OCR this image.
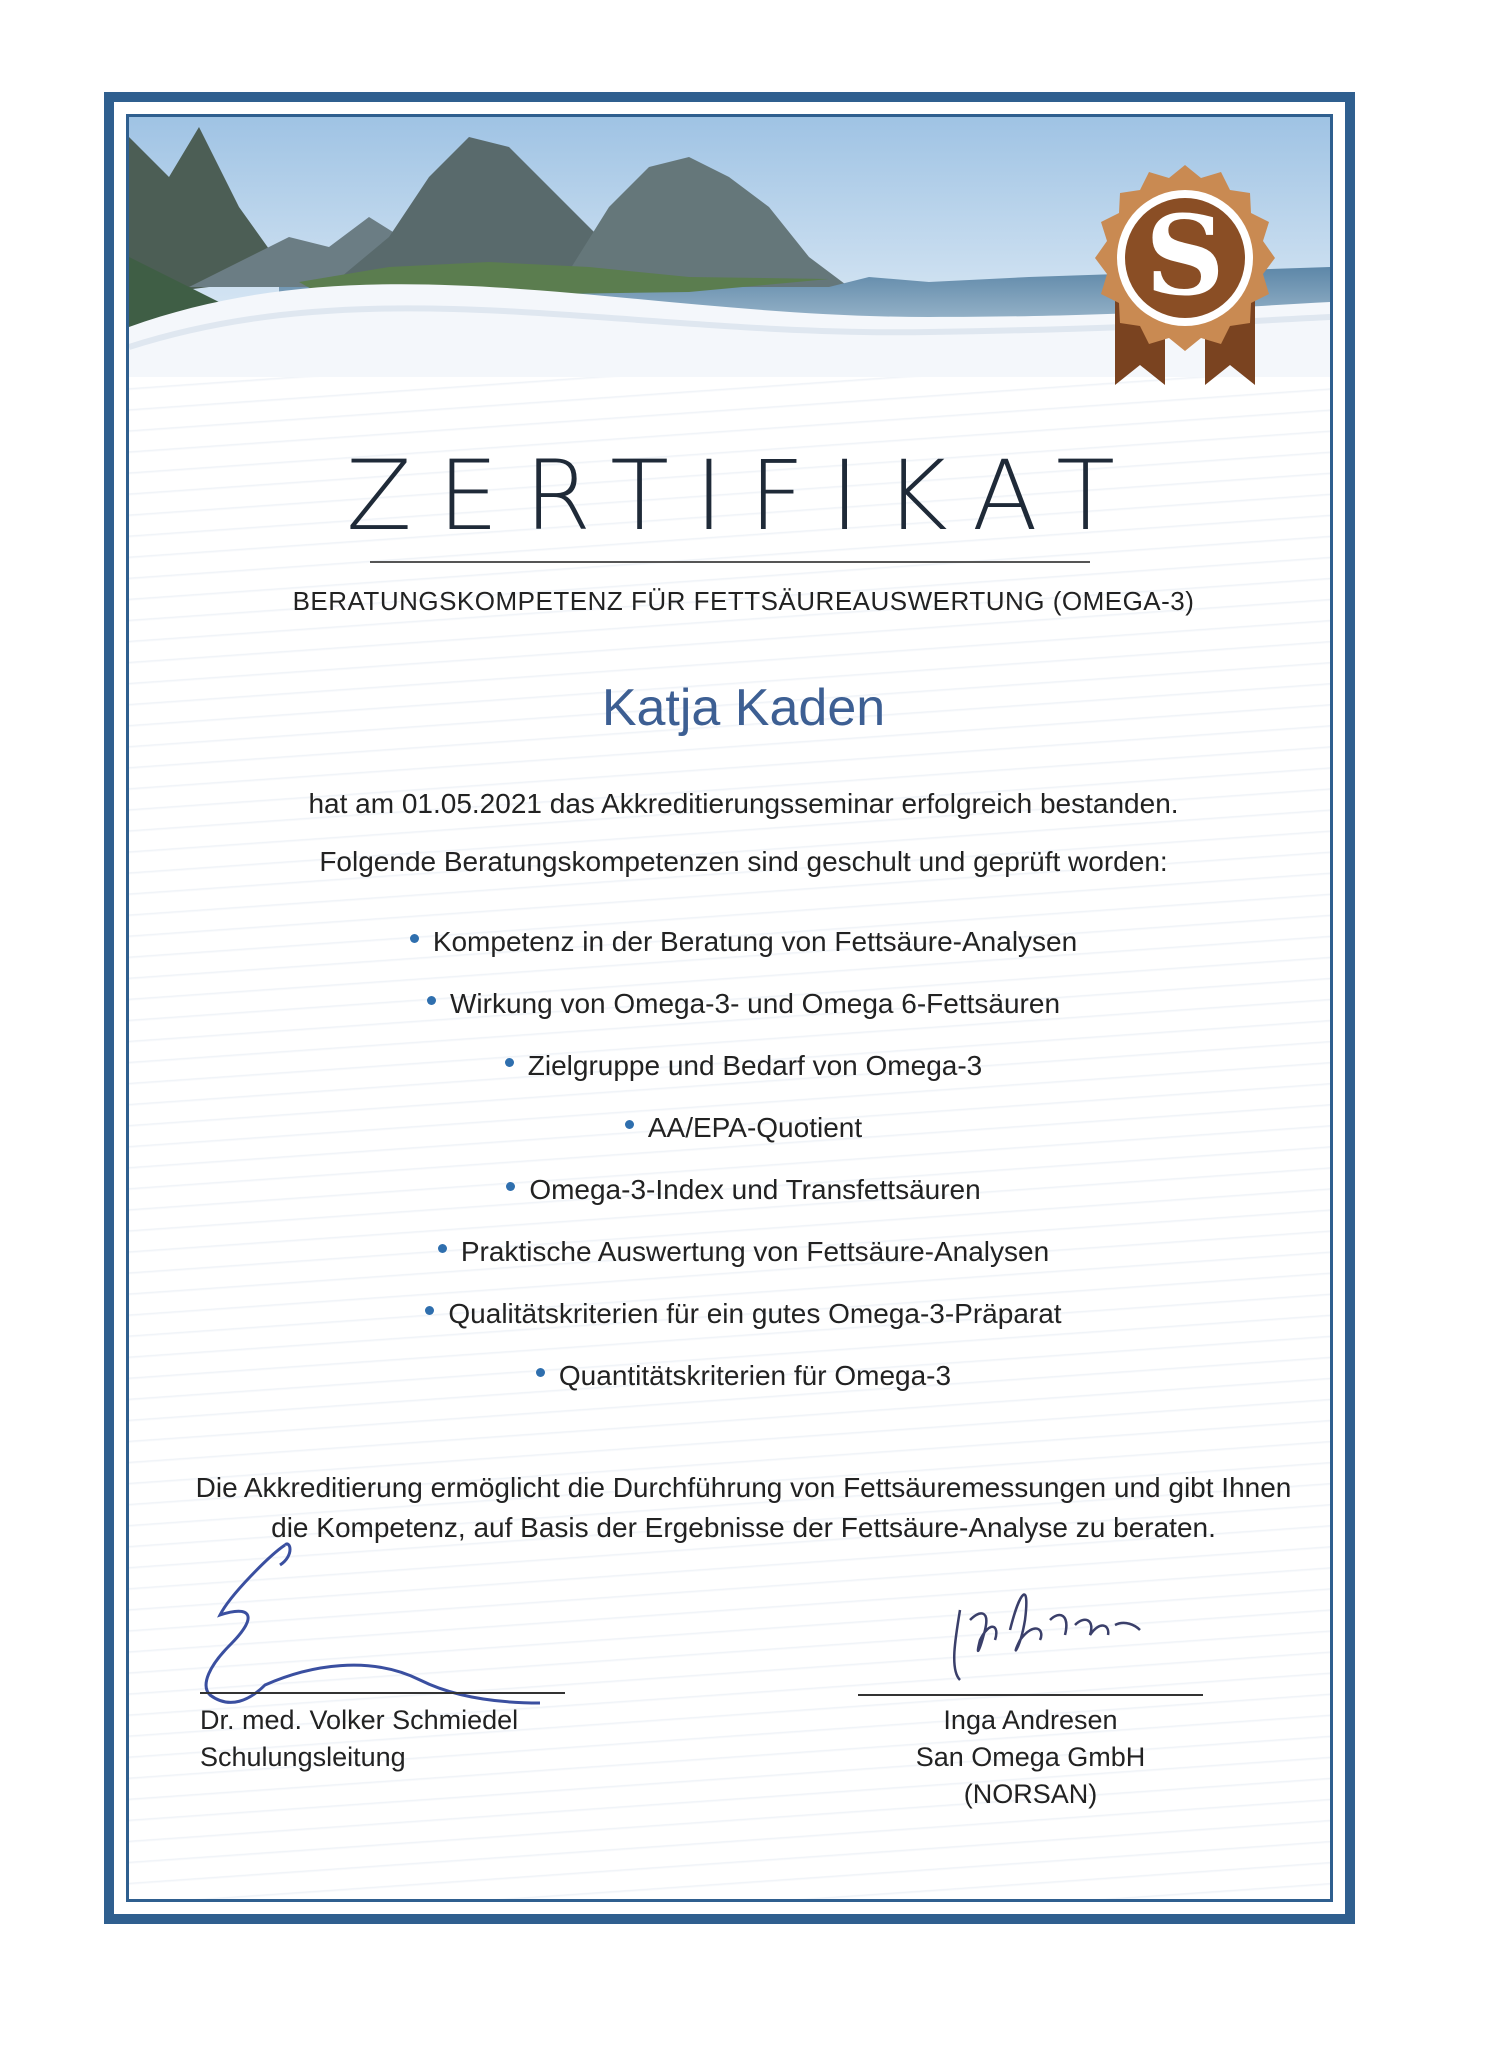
S
ZERTIFIKAT
BERATUNGSKOMPETENZ FÜR FETTSÄUREAUSWERTUNG (OMEGA-3)
Katja Kaden
hat am 01.05.2021 das Akkreditierungsseminar erfolgreich bestanden.
Folgende Beratungskompetenzen sind geschult und geprüft worden:
Kompetenz in der Beratung von Fettsäure-Analysen
Wirkung von Omega-3- und Omega 6-Fettsäuren
Zielgruppe und Bedarf von Omega-3
AA/EPA-Quotient
Omega-3-Index und Transfettsäuren
Praktische Auswertung von Fettsäure-Analysen
Qualitätskriterien für ein gutes Omega-3-Präparat
Quantitätskriterien für Omega-3
Die Akkreditierung ermöglicht die Durchführung von Fettsäuremessungen und gibt Ihnen
die Kompetenz, auf Basis der Ergebnisse der Fettsäure-Analyse zu beraten.
Dr. med. Volker Schmiedel
Schulungsleitung
Inga Andresen
San Omega GmbH (NORSAN)
